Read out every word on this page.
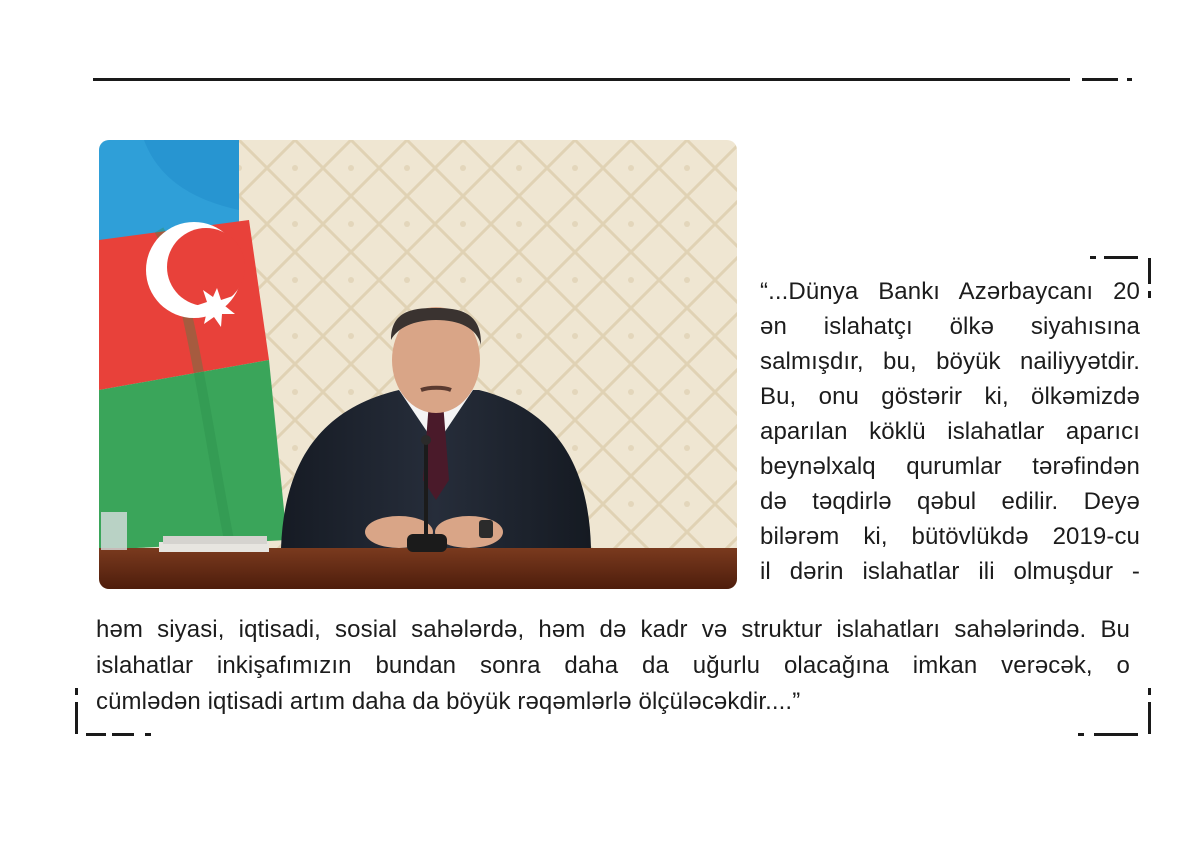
“...Dünya Bankı Azərbaycanı 20
ən islahatçı ölkə siyahısına
salmışdır, bu, böyük nailiyyətdir.
Bu, onu göstərir ki, ölkəmizdə
aparılan köklü islahatlar aparıcı
beynəlxalq qurumlar tərəfindən
də təqdirlə qəbul edilir. Deyə
bilərəm ki, bütövlükdə 2019-cu
il dərin islahatlar ili olmuşdur -
həm siyasi, iqtisadi, sosial sahələrdə, həm də kadr və struktur islahatları sahələrində. Bu
islahatlar inkişafımızın bundan sonra daha da uğurlu olacağına imkan verəcək, o
cümlədən iqtisadi artım daha da böyük rəqəmlərlə ölçüləcəkdir....”
